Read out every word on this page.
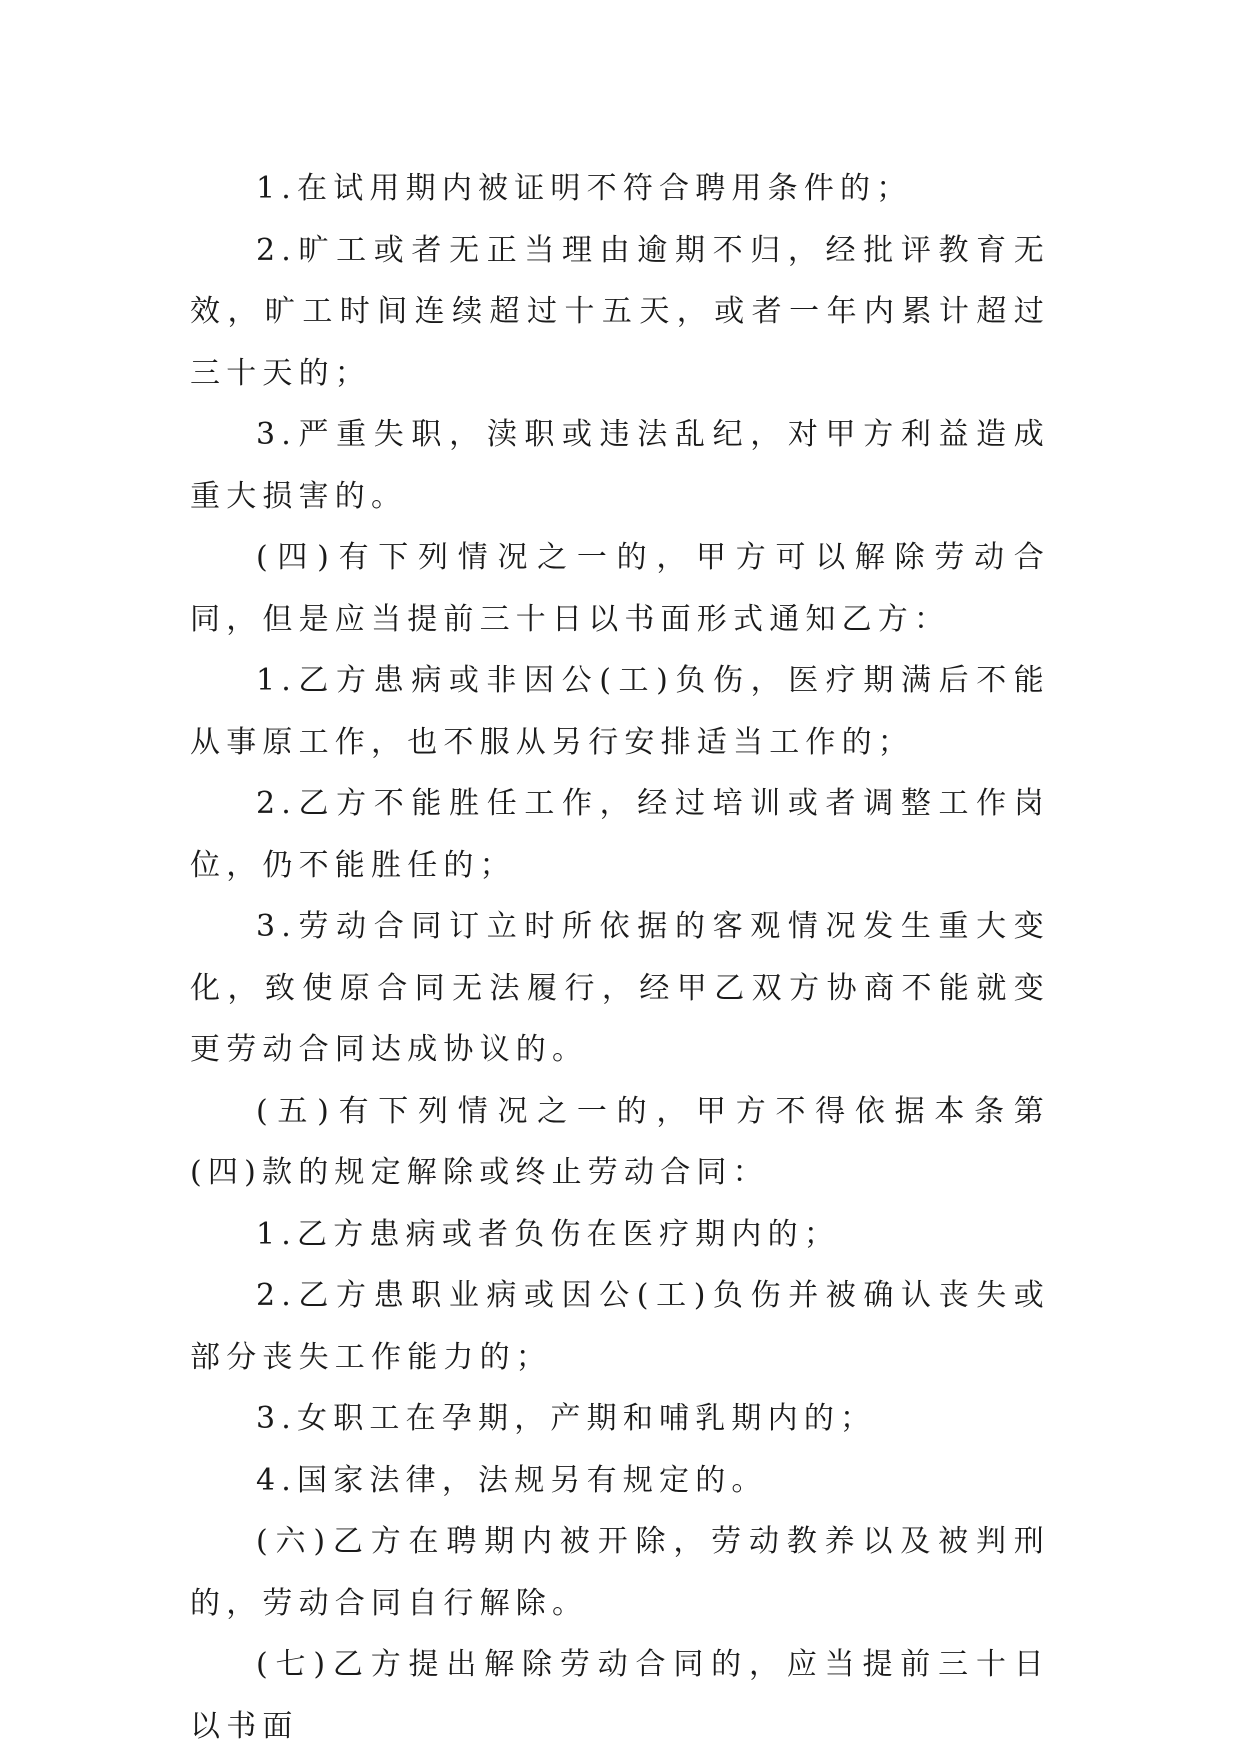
1.在试用期内被证明不符合聘用条件的；

2.旷工或者无正当理由逾期不归，经批评教育无效，旷工时间连续超过十五天，或者一年内累计超过三十天的；

3.严重失职，渎职或违法乱纪，对甲方利益造成重大损害的。

(四)有下列情况之一的，甲方可以解除劳动合同，但是应当提前三十日以书面形式通知乙方：

1.乙方患病或非因公(工)负伤，医疗期满后不能从事原工作，也不服从另行安排适当工作的；

2.乙方不能胜任工作，经过培训或者调整工作岗位，仍不能胜任的；

3.劳动合同订立时所依据的客观情况发生重大变化，致使原合同无法履行，经甲乙双方协商不能就变更劳动合同达成协议的。

(五)有下列情况之一的，甲方不得依据本条第(四)款的规定解除或终止劳动合同：

1.乙方患病或者负伤在医疗期内的；

2.乙方患职业病或因公(工)负伤并被确认丧失或部分丧失工作能力的；

3.女职工在孕期，产期和哺乳期内的；

4.国家法律，法规另有规定的。

(六)乙方在聘期内被开除，劳动教养以及被判刑的，劳动合同自行解除。

(七)乙方提出解除劳动合同的，应当提前三十日以书面
